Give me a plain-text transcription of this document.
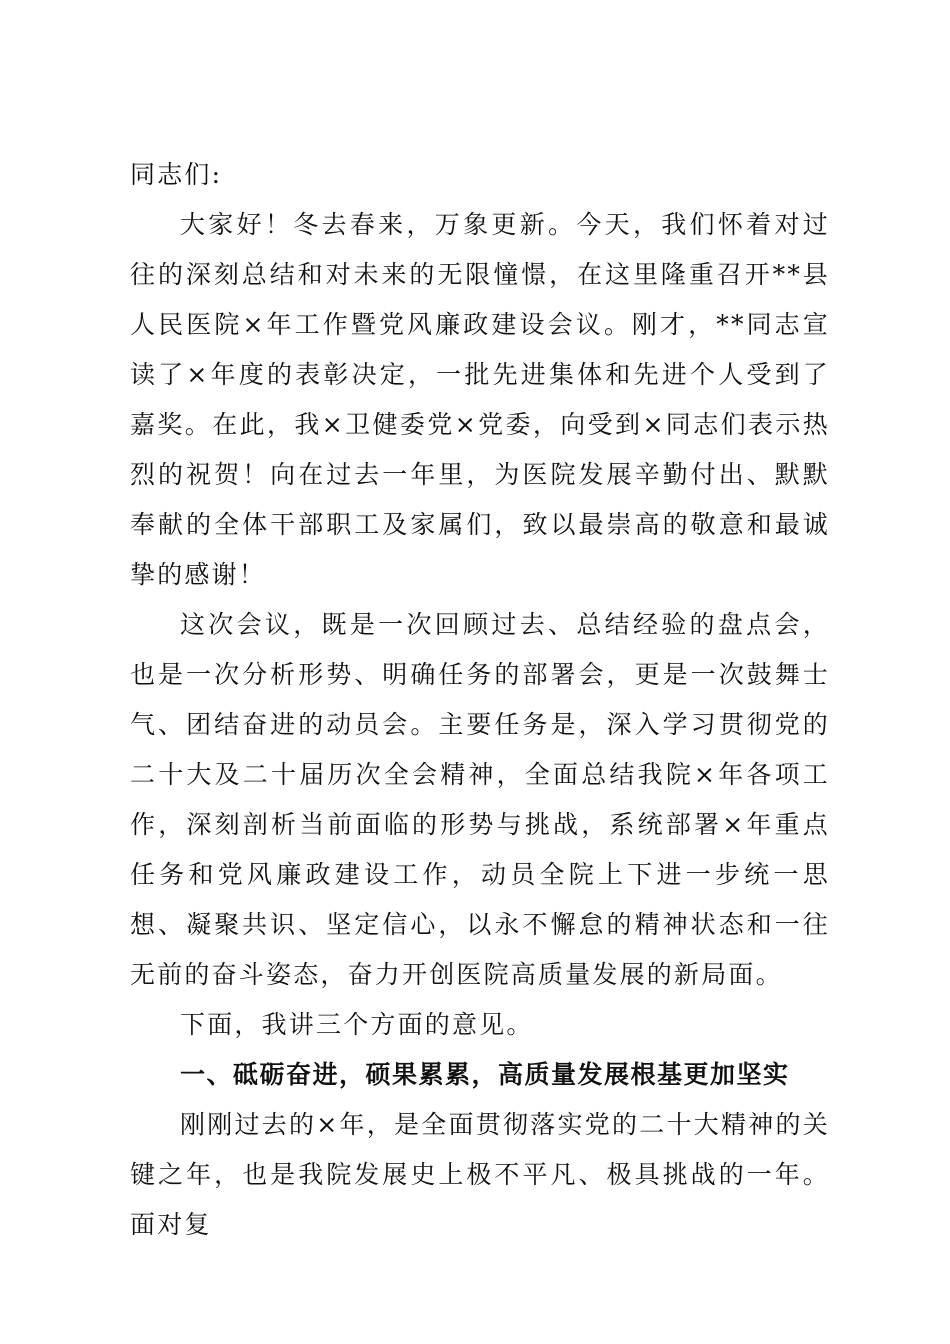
同志们:

大家好！冬去春来，万象更新。今天，我们怀着对过往的深刻总结和对未来的无限憧憬，在这里隆重召开**县人民医院×年工作暨党风廉政建设会议。刚才，**同志宣读了×年度的表彰决定，一批先进集体和先进个人受到了嘉奖。在此，我×卫健委党×党委，向受到×同志们表示热烈的祝贺！向在过去一年里，为医院发展辛勤付出、默默奉献的全体干部职工及家属们，致以最崇高的敬意和最诚挚的感谢！

这次会议，既是一次回顾过去、总结经验的盘点会，也是一次分析形势、明确任务的部署会，更是一次鼓舞士气、团结奋进的动员会。主要任务是，深入学习贯彻党的二十大及二十届历次全会精神，全面总结我院×年各项工作，深刻剖析当前面临的形势与挑战，系统部署×年重点任务和党风廉政建设工作，动员全院上下进一步统一思想、凝聚共识、坚定信心，以永不懈怠的精神状态和一往无前的奋斗姿态，奋力开创医院高质量发展的新局面。

下面，我讲三个方面的意见。

一、砥砺奋进，硕果累累，高质量发展根基更加坚实

刚刚过去的×年，是全面贯彻落实党的二十大精神的关键之年，也是我院发展史上极不平凡、极具挑战的一年。面对复
